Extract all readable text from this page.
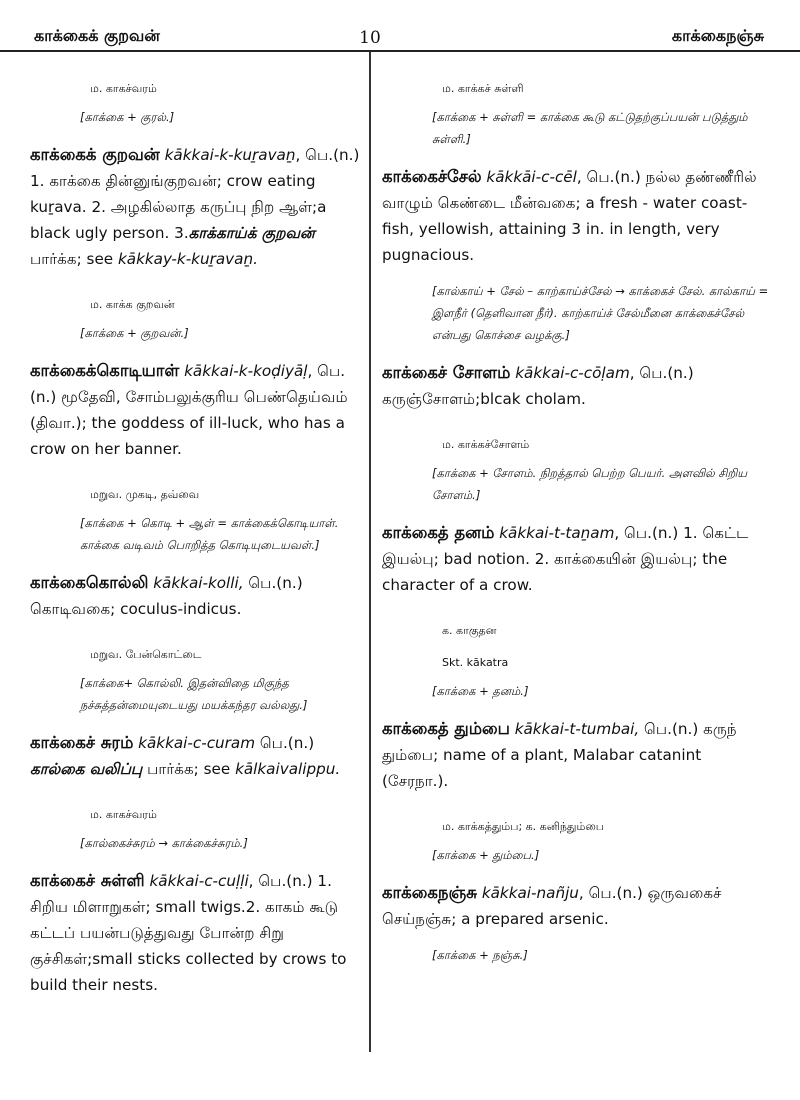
காக்கைக் குறவன்	10	காக்கைநஞ்சு
ம. காகச்வரம்
[காக்கை + குரல்.]
காக்கைக் குறவன் kākkai-k-kuṟavaṉ, பெ.(n.) 1. காக்கை தின்னுங்குறவன்; crow eating kuṟava. 2. அழகில்லாத கருப்பு நிற ஆள்;a black ugly person. 3.காக்காய்க் குறவன் பார்க்க; see kākkay-k-kuṟavaṉ.
ம. காக்க குறவன்
[காக்கை + குறவன்.]
காக்கைக்கொடியாள் kākkai-k-koḍiyāḷ, பெ.(n.) மூதேவி, சோம்பலுக்குரிய பெண்தெய்வம் (திவா.); the goddess of ill-luck, who has a crow on her banner.
மறுவ. முகடி, தவ்வை
[காக்கை + கொடி + ஆள் = காக்கைக்கொடியாள். காக்கை வடிவம் பொறித்த கொடியுடையவள்.]
காக்கைகொல்லி kākkai-kolli, பெ.(n.) கொடிவகை; coculus-indicus.
மறுவ. பேன்கொட்டை
[காக்கை+ கொல்லி. இதன்விதை மிகுந்த நச்சுத்தன்மையுடையது மயக்கந்தர வல்லது.]
காக்கைச் சுரம் kākkai-c-curam பெ.(n.) கால்கை வலிப்பு பார்க்க; see kālkaivalippu.
ம. காகச்வரம்
[கால்கைச்சுரம் → காக்கைச்சுரம்.]
காக்கைச் சுள்ளி kākkai-c-cuḷḷi, பெ.(n.) 1. சிறிய மிளாறுகள்; small twigs.2. காகம் கூடு கட்டப் பயன்படுத்துவது போன்ற சிறு குச்சிகள்;small sticks collected by crows to build their nests.
ம. காக்கச் சுள்ளி
[காக்கை + சுள்ளி = காக்கை கூடு கட்டுதற்குப்பயன் படுத்தும் சுள்ளி.]
காக்கைச்சேல் kākkāi-c-cēl, பெ.(n.) நல்ல தண்ணீரில் வாழும் கெண்டை மீன்வகை; a fresh - water coast-fish, yellowish, attaining 3 in. in length, very pugnacious.
[கால்காய் + சேல் – காற்காய்ச்சேல் → காக்கைச் சேல். கால்காய் = இளநீர் (தெளிவான நீர்). காற்காய்ச் சேல்மீனை காக்கைச்சேல் என்பது கொச்சை வழக்கு.]
காக்கைச் சோளம் kākkai-c-cōḷam, பெ.(n.) கருஞ்சோளம்;blcak cholam.
ம. காக்கச்சோளம்
[காக்கை + சோளம். நிறத்தால் பெற்ற பெயர். அளவில் சிறிய சோளம்.]
காக்கைத் தனம் kākkai-t-taṉam, பெ.(n.) 1. கெட்ட இயல்பு; bad notion. 2. காக்கையின் இயல்பு; the character of a crow.
க. காகுதன
Skt. kākatra
[காக்கை + தனம்.]
காக்கைத் தும்பை kākkai-t-tumbai, பெ.(n.) கருந் தும்பை; name of a plant, Malabar catanint (சேரநா.).
ம. காக்கத்தும்ப; க. கனிந்தும்பை
[காக்கை + தும்பை.]
காக்கைநஞ்சு kākkai-nañju, பெ.(n.) ஒருவகைச் செய்நஞ்சு; a prepared arsenic.
[காக்கை + நஞ்சு.]
